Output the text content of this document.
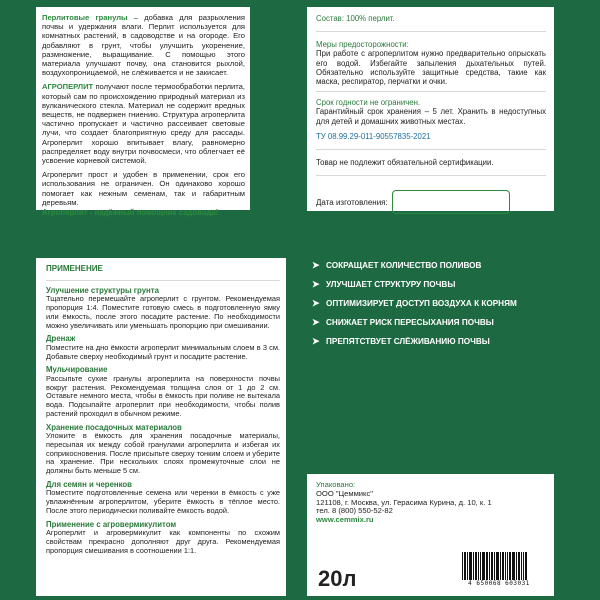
Перлитовые гранулы – добавка для разрыхления почвы и удержания влаги. Перлит используется для комнатных растений, в садоводстве и на огороде. Его добавляют в грунт, чтобы улучшить укоренение, размножение, выращивание. С помощью этого материала улучшают почву, она становится рыхлой, воздухопроницаемой, не слёживается и не закисает.

АГРОПЕРЛИТ получают после термообработки перлита, который сам по происхождению природный материал из вулканического стекла. Материал не содержит вредных веществ, не подвержен гниению. Структура агроперлита частично пропускает и частично рассеивает световые лучи, что создает благоприятную среду для рассады. Агроперлит хорошо впитывает влагу, равномерно распределяет воду внутри почвосмеси, что облегчает её усвоение корневой системой.

Агроперлит прост и удобен в применении, срок его использования не ограничен. Он одинаково хорошо помогает как нежным семенам, так и габаритным деревьям.

Агроперлит - надёжный помощник садовода!
Состав: 100% перлит.
Меры предосторожности:

При работе с агроперлитом нужно предварительно опрыскать его водой. Избегайте запыления дыхательных путей. Обязательно используйте защитные средства, такие как маска, респиратор, перчатки и очки.

Срок годности не ограничен.

Гарантийный срок хранения – 5 лет. Хранить в недоступных для детей и домашних животных местах.

ТУ 08.99.29-011-90557835-2021
Товар не подлежит обязательной сертификации.
Дата изготовления:
ПРИМЕНЕНИЕ
Улучшение структуры грунта

Тщательно перемешайте агроперлит с грунтом. Рекомендуемая пропорция 1:4. Поместите готовую смесь в подготовленную ямку или ёмкость, после этого посадите растение. По необходимости можно увеличивать или уменьшать пропорцию при смешивании.

Дренаж

Поместите на дно ёмкости агроперлит минимальным слоем в 3 см. Добавьте сверху необходимый грунт и посадите растение.

Мульчирование

Рассыпьте сухие гранулы агроперлита на поверхности почвы вокруг растения. Рекомендуемая толщина слоя от 1 до 2 см. Оставьте немного места, чтобы в ёмкость при поливе не вытекала вода. Подсыпайте агроперлит при необходимости, чтобы полив растений проходил в обычном режиме.

Хранение посадочных материалов

Уложите в ёмкость для хранения посадочные материалы, пересыпая их между собой гранулами агроперлита и избегая их соприкосновения. После присыпьте сверху тонким слоем и уберите на хранение. При нескольких слоях промежуточные слои не должны быть меньше 5 см.

Для семян и черенков

Поместите подготовленные семена или черенки в ёмкость с уже увлажнённым агроперлитом, уберите ёмкость в тёплое место. После этого периодически поливайте ёмкость водой.

Применение с агровермикулитом

Агроперлит и агровермикулит как компоненты по схожим свойствам прекрасно дополняют друг друга. Рекомендуемая пропорция смешивания в соотношении 1:1.

➤ СОКРАЩАЕТ КОЛИЧЕСТВО ПОЛИВОВ
➤ УЛУЧШАЕТ СТРУКТУРУ ПОЧВЫ
➤ ОПТИМИЗИРУЕТ ДОСТУП ВОЗДУХА К КОРНЯМ
➤ СНИЖАЕТ РИСК ПЕРЕСЫХАНИЯ ПОЧВЫ
➤ ПРЕПЯТСТВУЕТ СЛЁЖИВАНИЮ ПОЧВЫ
Упаковано:
ООО "Цеммикс"
121108, г. Москва, ул. Герасима Курина, д. 10, к. 1
тел. 8 (800) 550-52-82
www.cemmix.ru
20л	4 650068 603031
